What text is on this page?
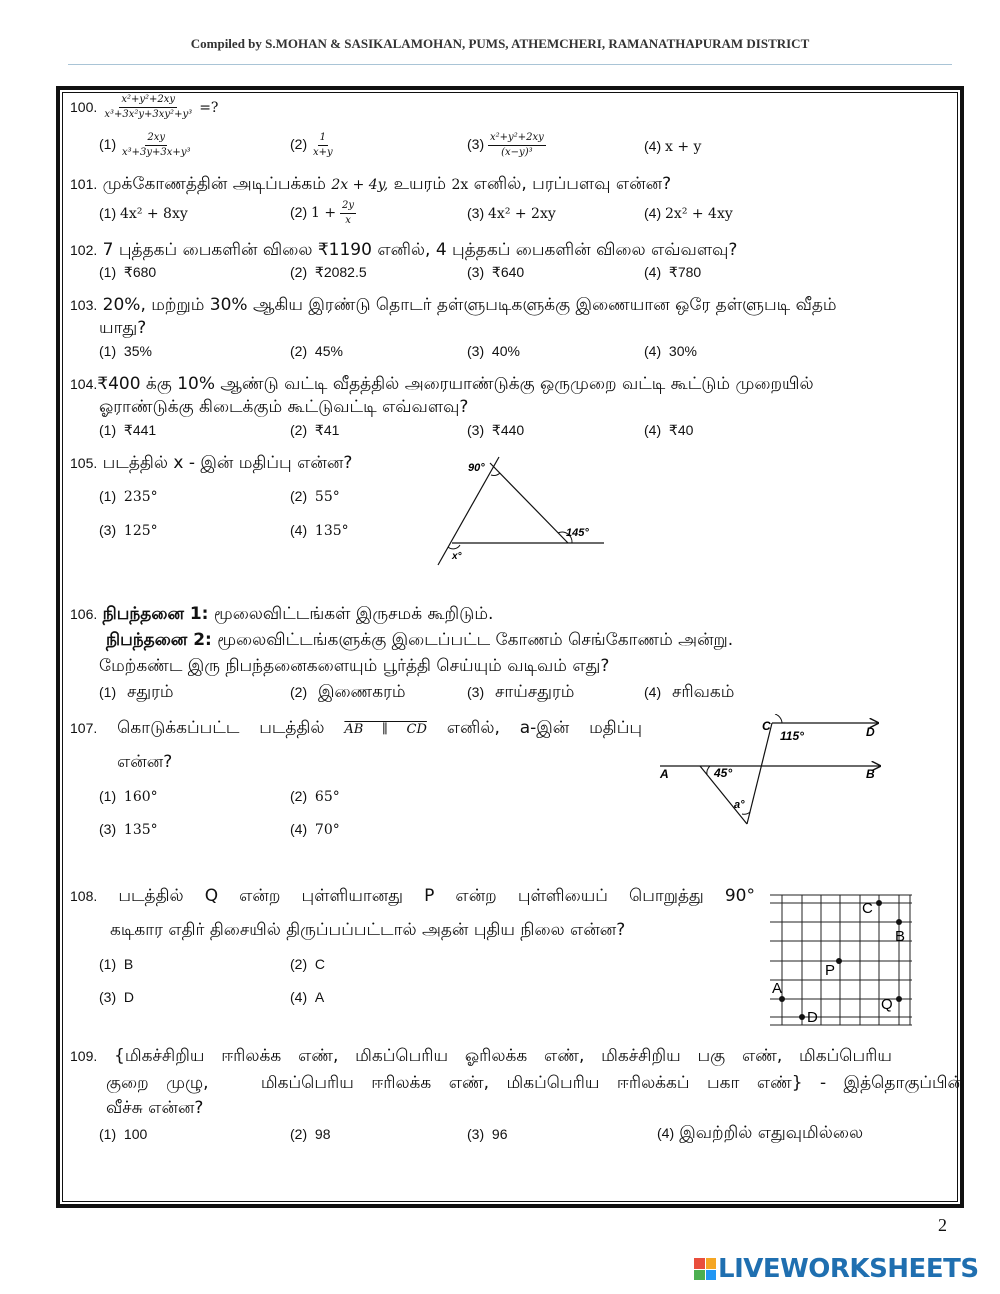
Compiled by S.MOHAN & SASIKALAMOHAN, PUMS, ATHEMCHERI, RAMANATHAPURAM DISTRICT
100. $\frac{\text{x²+y²+2xy}}{\text{x³+3x²y+3xy²+y³}}$ =?
$(1) \frac{2xy}{\text{x³+3y+3x+y³}}$	$(2) \frac{1}{x+y}$	$(3) \frac{\text{x²+y²+2xy}}{\text{(x−y)³}}$	(4) x + y
101. முக்கோணத்தின் அடிப்பக்கம் 2x + 4y, உயரம் 2x எனில், பரப்பளவு என்ன?
(1) 4x² + 8xy	(2) $1 + \frac{2y}{x}$	(3) 4x² + 2xy	(4) 2x² + 4xy
102. 7 புத்தகப் பைகளின் விலை ₹1190 எனில், 4 புத்தகப் பைகளின் விலை எவ்வளவு?
(1) ₹680	(2) ₹2082.5	(3) ₹640	(4) ₹780
103. 20%, மற்றும் 30% ஆகிய இரண்டு தொடர் தள்ளுபடிகளுக்கு இணையான ஒரே தள்ளுபடி வீதம்
யாது?
(1) 35%	(2) 45%	(3) 40%	(4) 30%
104.₹400 க்கு 10% ஆண்டு வட்டி வீதத்தில் அரையாண்டுக்கு ஒருமுறை வட்டி கூட்டும் முறையில்
ஓராண்டுக்கு கிடைக்கும் கூட்டுவட்டி எவ்வளவு?
(1) ₹441	(2) ₹41	(3) ₹440	(4) ₹40
105. படத்தில் x - இன் மதிப்பு என்ன?
(1) 235°	(2) 55°
(3) 125°	(4) 135°
90°
145°
x°
106. நிபந்தனை 1: மூலைவிட்டங்கள் இருசமக் கூறிடும்.
நிபந்தனை 2: மூலைவிட்டங்களுக்கு இடைப்பட்ட கோணம் செங்கோணம் அன்று.
மேற்கண்ட இரு நிபந்தனைகளையும் பூர்த்தி செய்யும் வடிவம் எது?
(1) சதுரம்	(2) இணைகரம்	(3) சாய்சதுரம்	(4) சரிவகம்
107. கொடுக்கப்பட்ட படத்தில் AB ∥ CD எனில், a-இன் மதிப்பு
என்ன?
(1) 160°	(2) 65°
(3) 135°	(4) 70°
C
115°	D
A	45°	B
a°
108. படத்தில் Q என்ற புள்ளியானது P என்ற புள்ளியைப் பொறுத்து 90°
கடிகார எதிர் திசையில் திருப்பப்பட்டால் அதன் புதிய நிலை என்ன?
(1) B	(2) C
(3) D	(4) A
C
B
P
A
Q
D
109. {மிகச்சிறிய ஈரிலக்க எண், மிகப்பெரிய ஓரிலக்க எண், மிகச்சிறிய பகு எண், மிகப்பெரிய
குறை முழு,   மிகப்பெரிய ஈரிலக்க எண், மிகப்பெரிய ஈரிலக்கப் பகா எண்} - இத்தொகுப்பின்
வீச்சு என்ன?
(1) 100	(2) 98	(3) 96	(4) இவற்றில் எதுவுமில்லை
2
LIVEWORKSHEETS
